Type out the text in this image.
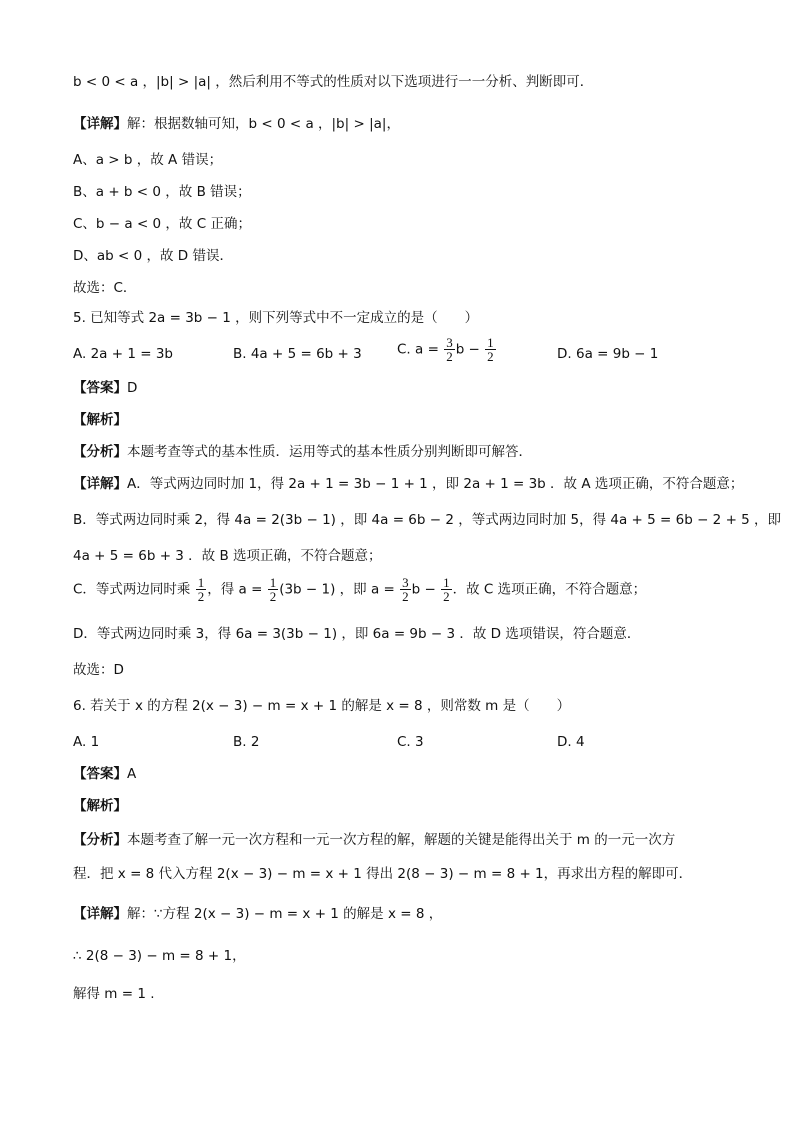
b < 0 < a ，|b| > |a| ，然后利用不等式的性质对以下选项进行一一分析、判断即可．
【详解】解：根据数轴可知，b < 0 < a ，|b| > |a|，
A、a > b ，故 A 错误；
B、a + b < 0 ，故 B 错误；
C、b − a < 0 ，故 C 正确；
D、ab < 0 ，故 D 错误．
故选：C．
5. 已知等式 2a = 3b − 1 ，则下列等式中不一定成立的是（　　）
A. 2a + 1 = 3b	B. 4a + 5 = 6b + 3	C. $a = \frac{3}{2}$ $b - \frac{1}{2}$	D. 6a = 9b − 1
【答案】D
【解析】
【分析】本题考查等式的基本性质．运用等式的基本性质分别判断即可解答．
【详解】A．等式两边同时加 1，得 2a + 1 = 3b − 1 + 1 ，即 2a + 1 = 3b ．故 A 选项正确，不符合题意；
B．等式两边同时乘 2，得 4a = 2(3b − 1) ，即 4a = 6b − 2 ，等式两边同时加 5，得 4a + 5 = 6b − 2 + 5 ，即
4a + 5 = 6b + 3 ．故 B 选项正确，不符合题意；
C．等式两边同时乘 $\frac{1}{2}$ ，得 $a = \frac{1}{2} (3b - 1)$ ，即 $a = \frac{3}{2}$ $b - \frac{1}{2}$ ．故 C 选项正确，不符合题意；
D．等式两边同时乘 3，得 6a = 3(3b − 1) ，即 6a = 9b − 3 ．故 D 选项错误，符合题意．
故选：D
6. 若关于 x 的方程 2(x − 3) − m = x + 1 的解是 x = 8 ，则常数 m 是（　　）
A. 1	B. 2	C. 3	D. 4
【答案】A
【解析】
【分析】本题考查了解一元一次方程和一元一次方程的解，解题的关键是能得出关于 m 的一元一次方
程．把 x = 8 代入方程 2(x − 3) − m = x + 1 得出 2(8 − 3) − m = 8 + 1，再求出方程的解即可．
【详解】解：∵方程 2(x − 3) − m = x + 1 的解是 x = 8 ，
∴ 2(8 − 3) − m = 8 + 1，
解得 m = 1 .
